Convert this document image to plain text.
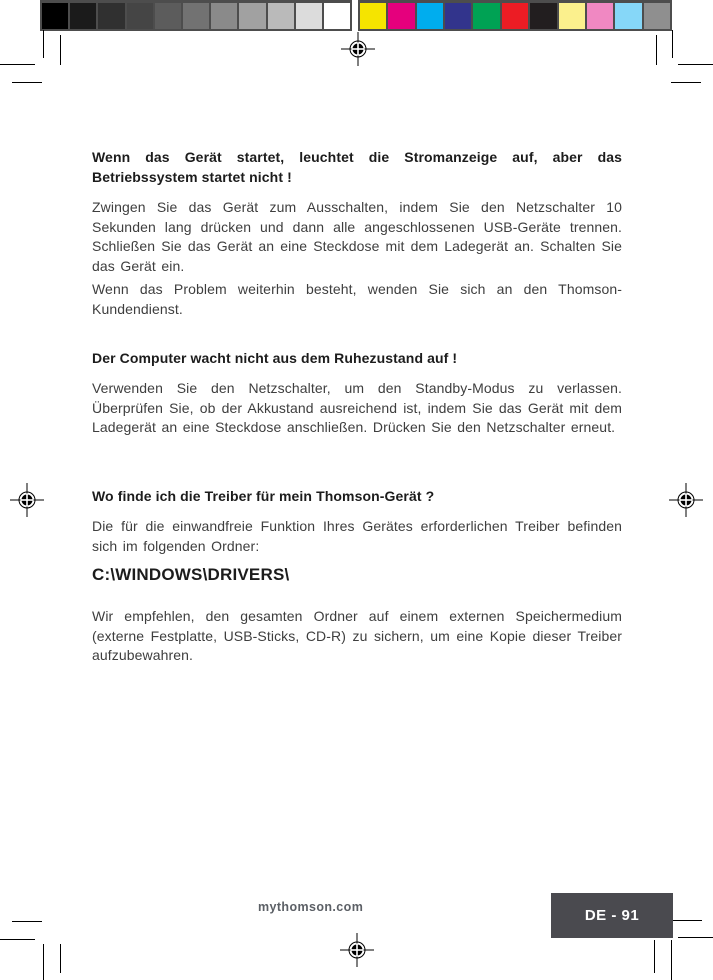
Wenn das Gerät startet, leuchtet die Stromanzeige auf, aber das Betriebssystem startet nicht !
Zwingen Sie das Gerät zum Ausschalten, indem Sie den Netzschalter 10 Sekunden lang drücken und dann alle angeschlossenen USB-Geräte trennen. Schließen Sie das Gerät an eine Steckdose mit dem Ladegerät an. Schalten Sie das Gerät ein.
Wenn das Problem weiterhin besteht, wenden Sie sich an den Thomson-Kundendienst.
Der Computer wacht nicht aus dem Ruhezustand auf !
Verwenden Sie den Netzschalter, um den Standby-Modus zu verlassen. Überprüfen Sie, ob der Akkustand ausreichend ist, indem Sie das Gerät mit dem Ladegerät an eine Steckdose anschließen. Drücken Sie den Netzschalter erneut.
Wo finde ich die Treiber für mein Thomson-Gerät ?
Die für die einwandfreie Funktion Ihres Gerätes erforderlichen Treiber befinden sich im folgenden Ordner:
C:\WINDOWS\DRIVERS\
Wir empfehlen, den gesamten Ordner auf einem externen Speichermedium (externe Festplatte, USB-Sticks, CD-R) zu sichern, um eine Kopie dieser Treiber aufzubewahren.
mythomson.com	DE - 91
